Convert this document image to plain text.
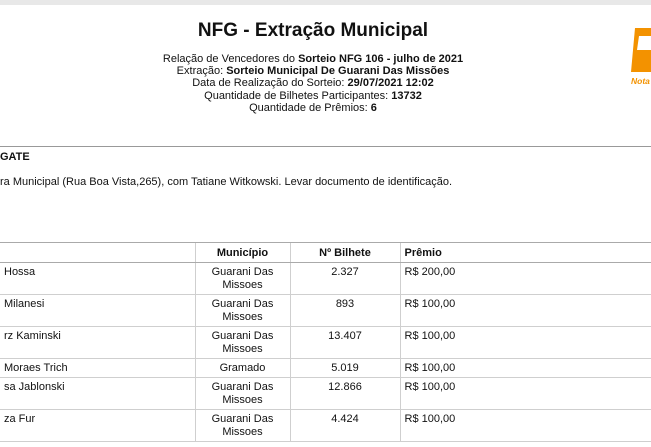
NFG - Extração Municipal
Relação de Vencedores do Sorteio NFG 106 - julho de 2021
Extração: Sorteio Municipal De Guarani Das Missões
Data de Realização do Sorteio: 29/07/2021 12:02
Quantidade de Bilhetes Participantes: 13732
Quantidade de Prêmios: 6
Nota
GATE
ra Municipal (Rua Boa Vista,265), com Tatiane Witkowski. Levar documento de identificação.
	Município	Nº Bilhete	Prêmio
Hossa	Guarani Das Missoes	2.327	R$ 200,00
Milanesi	Guarani Das Missoes	893	R$ 100,00
rz Kaminski	Guarani Das Missoes	13.407	R$ 100,00
Moraes Trich	Gramado	5.019	R$ 100,00
sa Jablonski	Guarani Das Missoes	12.866	R$ 100,00
za Fur	Guarani Das Missoes	4.424	R$ 100,00
